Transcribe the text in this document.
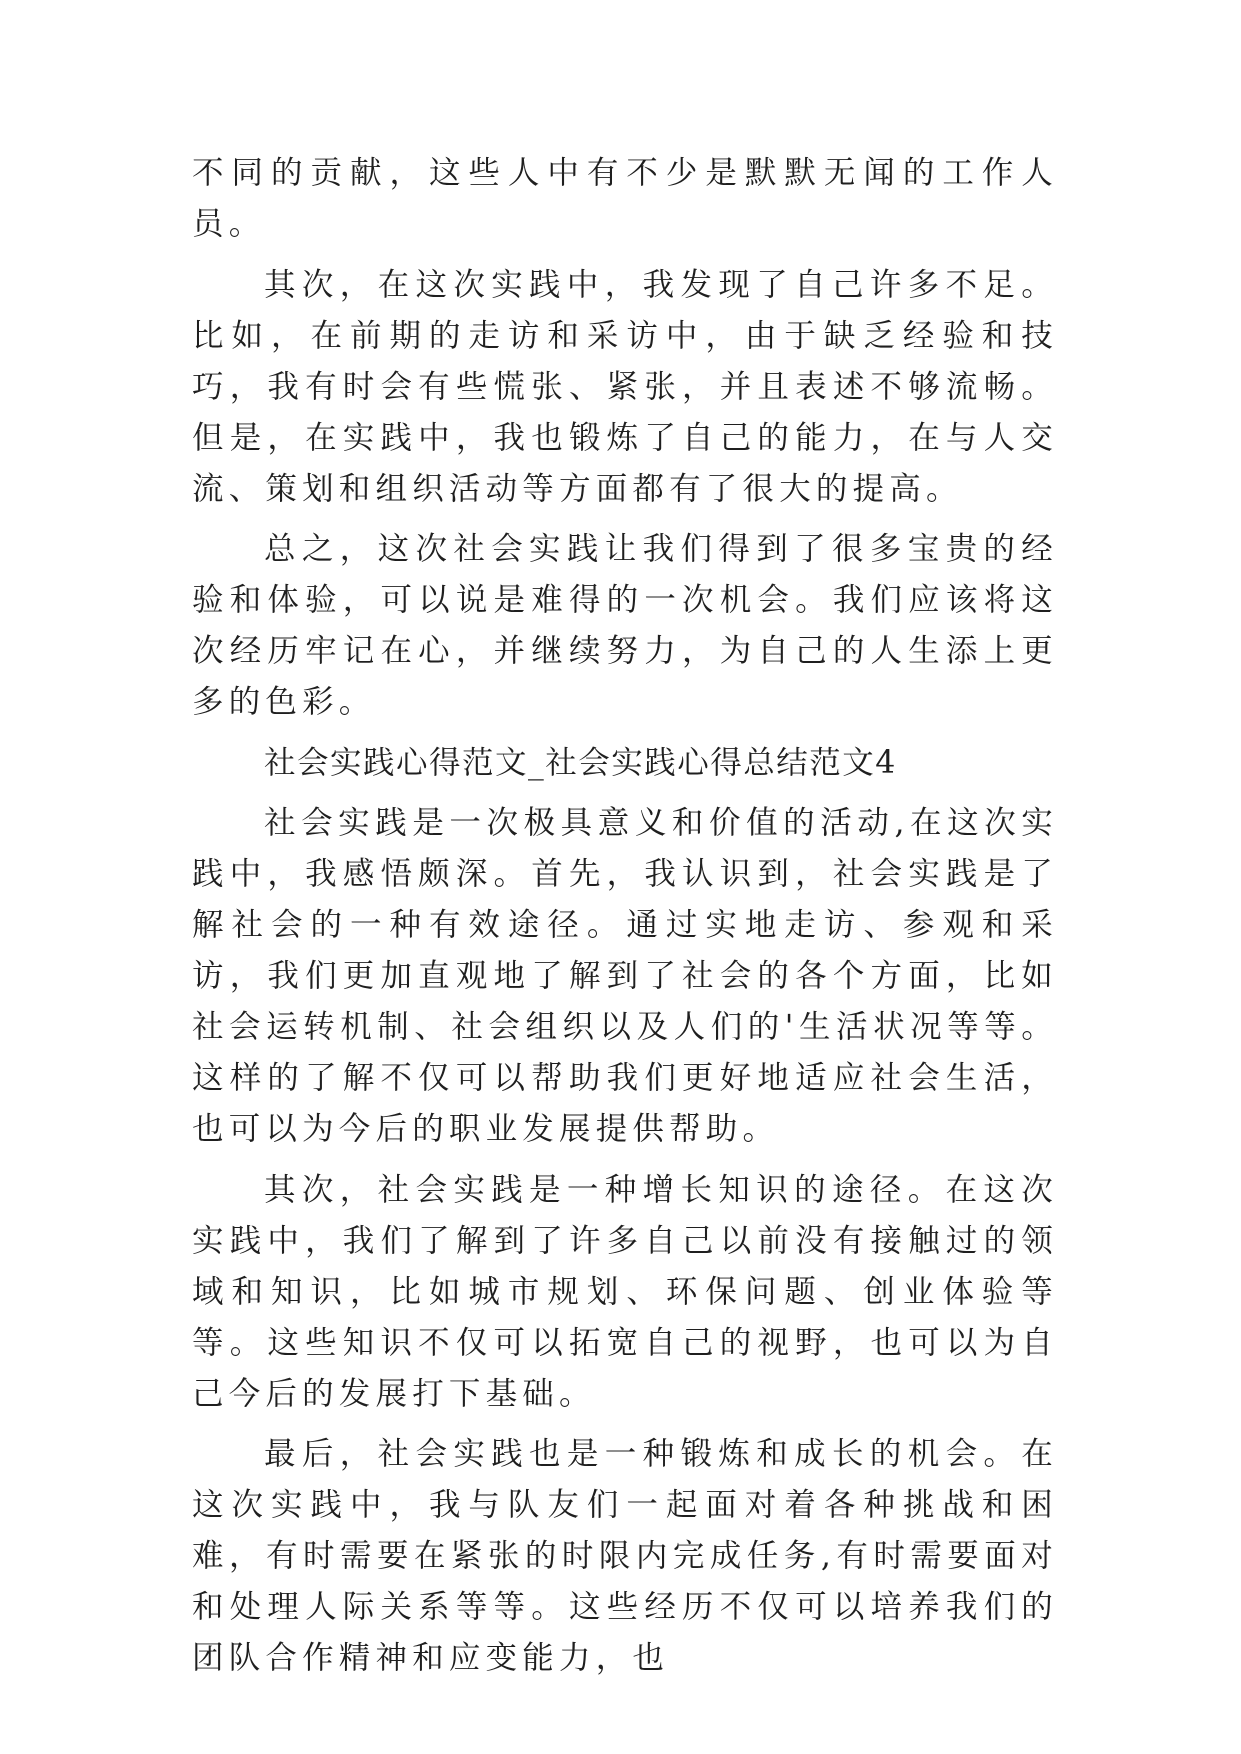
不同的贡献，这些人中有不少是默默无闻的工作人员。

其次，在这次实践中，我发现了自己许多不足。比如，在前期的走访和采访中，由于缺乏经验和技巧，我有时会有些慌张、紧张，并且表述不够流畅。但是，在实践中，我也锻炼了自己的能力，在与人交流、策划和组织活动等方面都有了很大的提高。

总之，这次社会实践让我们得到了很多宝贵的经验和体验，可以说是难得的一次机会。我们应该将这次经历牢记在心，并继续努力，为自己的人生添上更多的色彩。

社会实践心得范文_社会实践心得总结范文4

社会实践是一次极具意义和价值的活动,在这次实践中，我感悟颇深。首先，我认识到，社会实践是了解社会的一种有效途径。通过实地走访、参观和采访，我们更加直观地了解到了社会的各个方面，比如社会运转机制、社会组织以及人们的'生活状况等等。这样的了解不仅可以帮助我们更好地适应社会生活，也可以为今后的职业发展提供帮助。

其次，社会实践是一种增长知识的途径。在这次实践中，我们了解到了许多自己以前没有接触过的领域和知识，比如城市规划、环保问题、创业体验等等。这些知识不仅可以拓宽自己的视野，也可以为自己今后的发展打下基础。

最后，社会实践也是一种锻炼和成长的机会。在这次实践中，我与队友们一起面对着各种挑战和困难，有时需要在紧张的时限内完成任务,有时需要面对和处理人际关系等等。这些经历不仅可以培养我们的团队合作精神和应变能力，也
